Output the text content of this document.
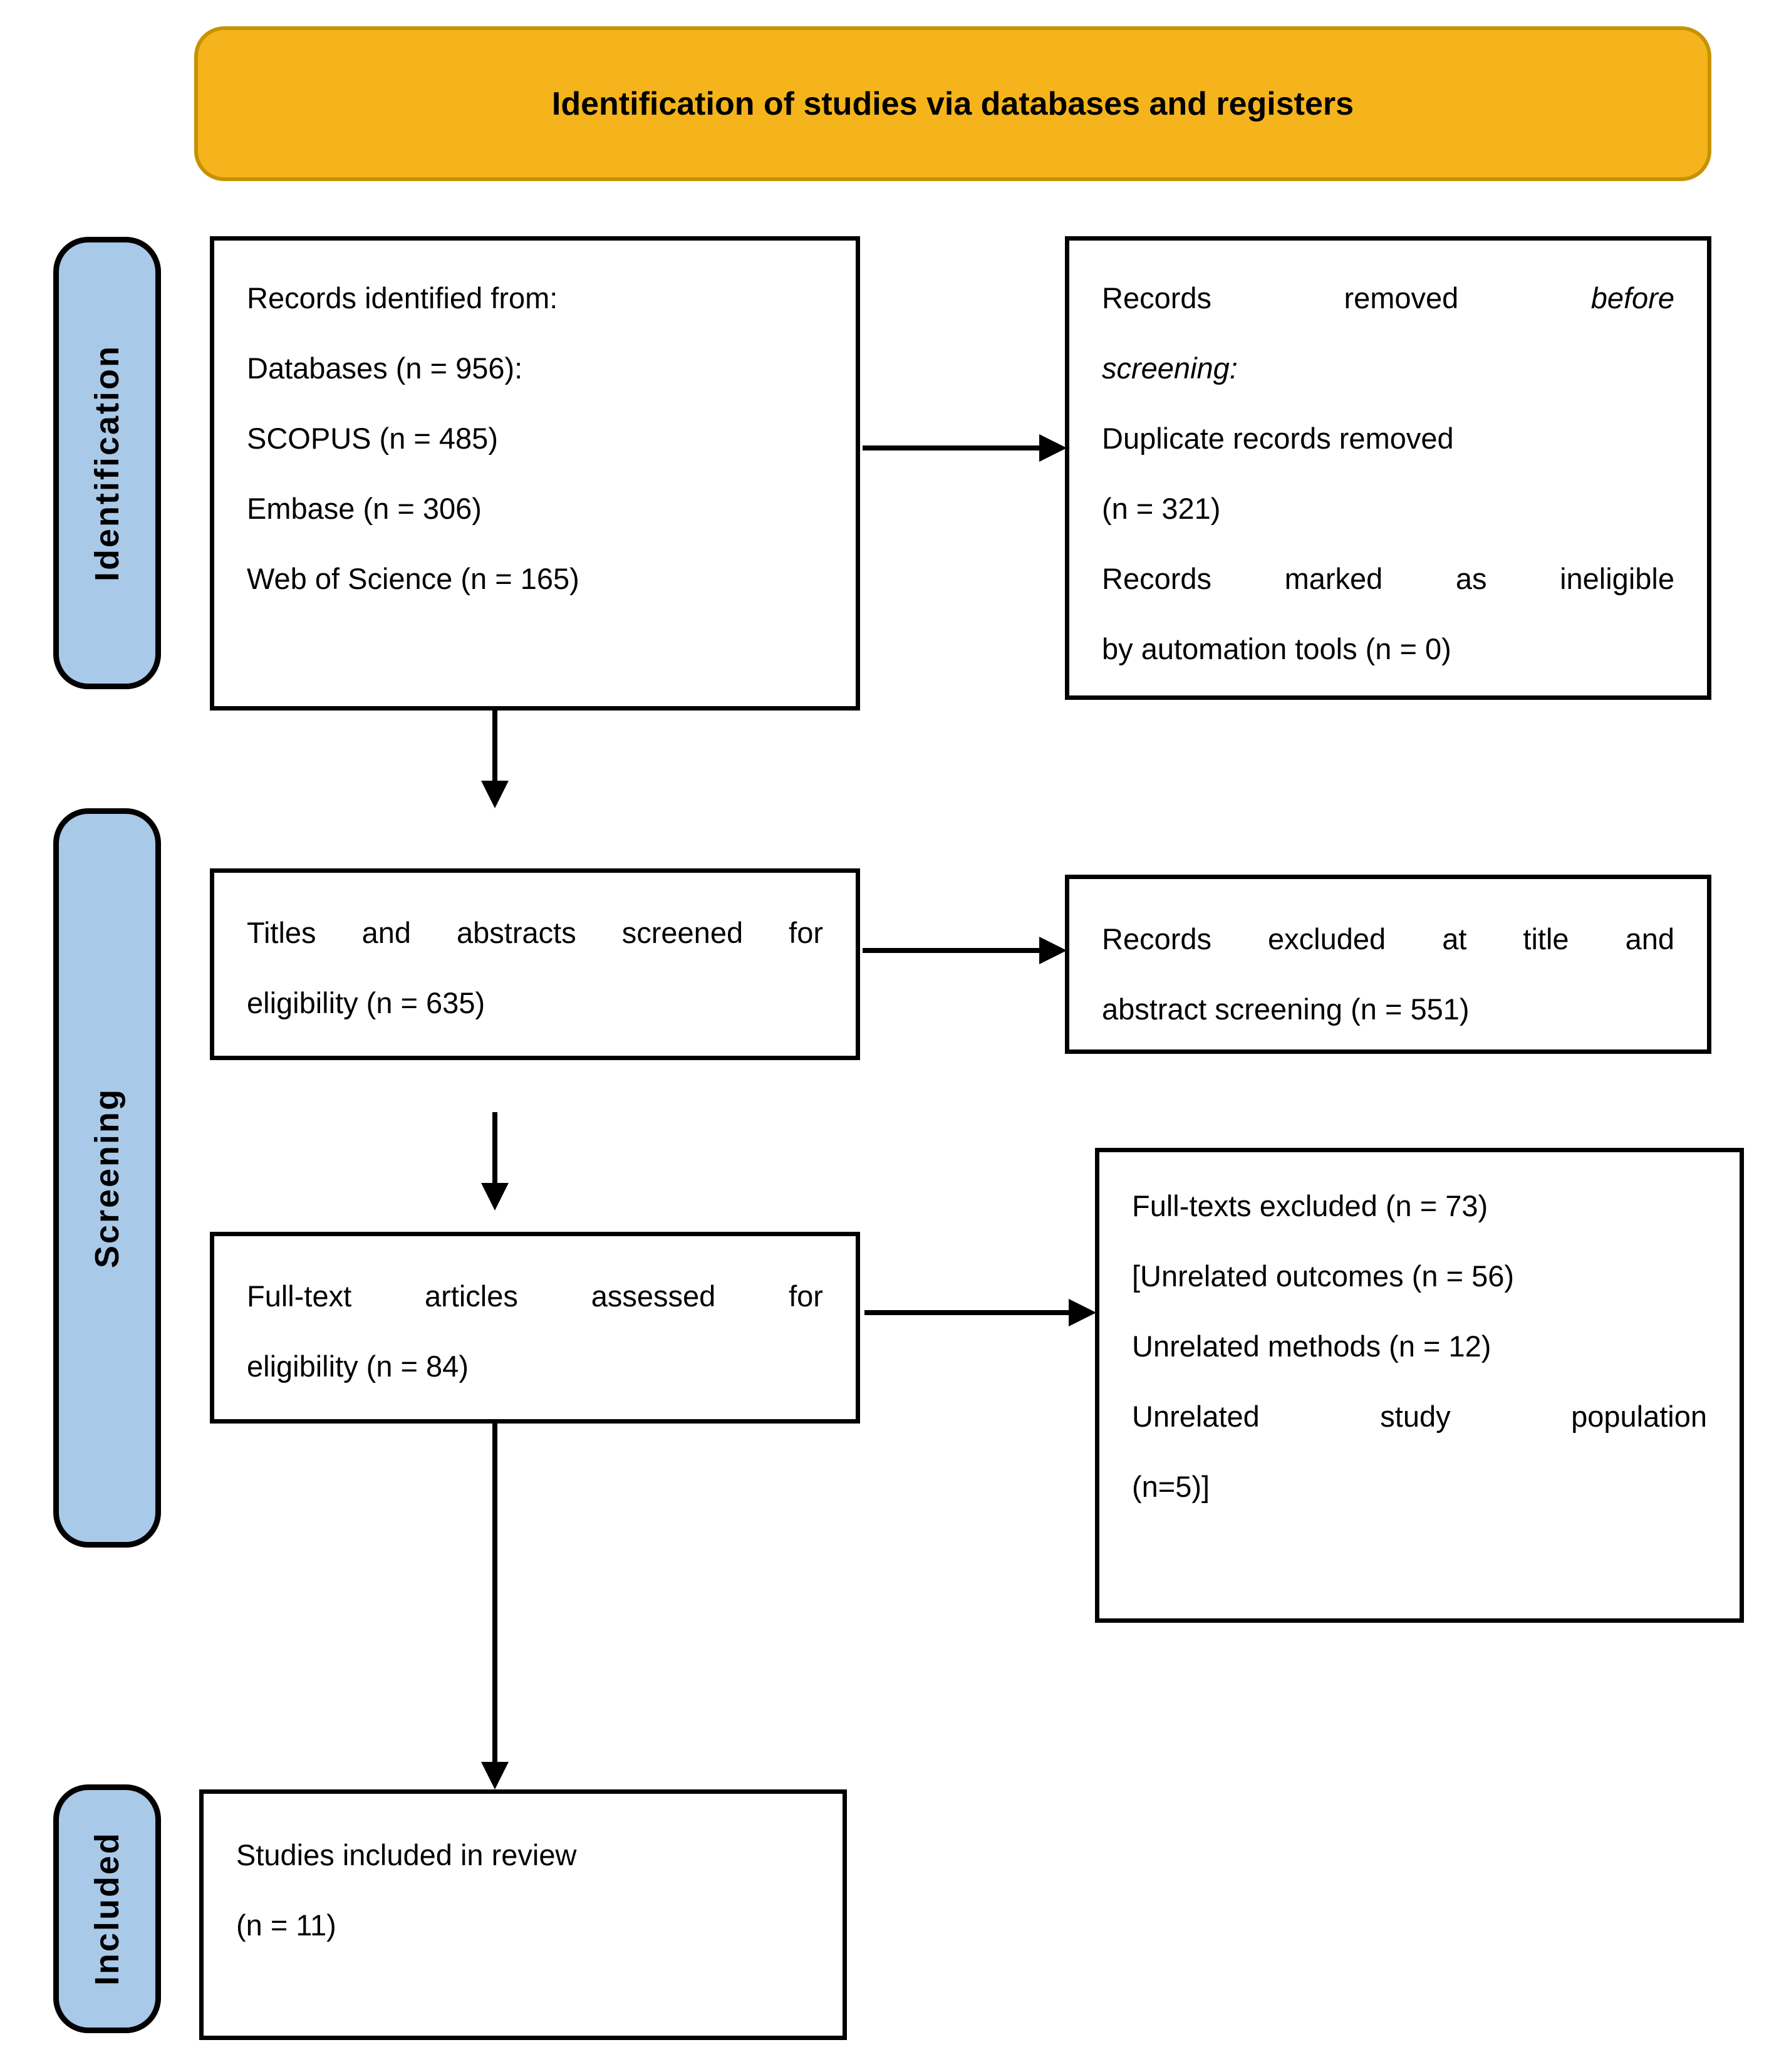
Identification of studies via databases and registers
Identification
Screening
Included

Records identified from:

Databases (n = 956):

SCOPUS (n = 485)

Embase (n = 306)

Web of Science (n = 165)

Records	removed	before

screening:

Duplicate records removed

(n = 321)

Records marked as ineligible

by automation tools (n = 0)

Titles and abstracts screened for

eligibility (n = 635)

Records excluded at title and

abstract screening (n = 551)

Full-text articles assessed for

eligibility (n = 84)

Full-texts excluded (n = 73)

[Unrelated outcomes (n = 56)

Unrelated methods (n = 12)

Unrelated	study	population

(n=5)]

Studies included in review

(n = 11)
